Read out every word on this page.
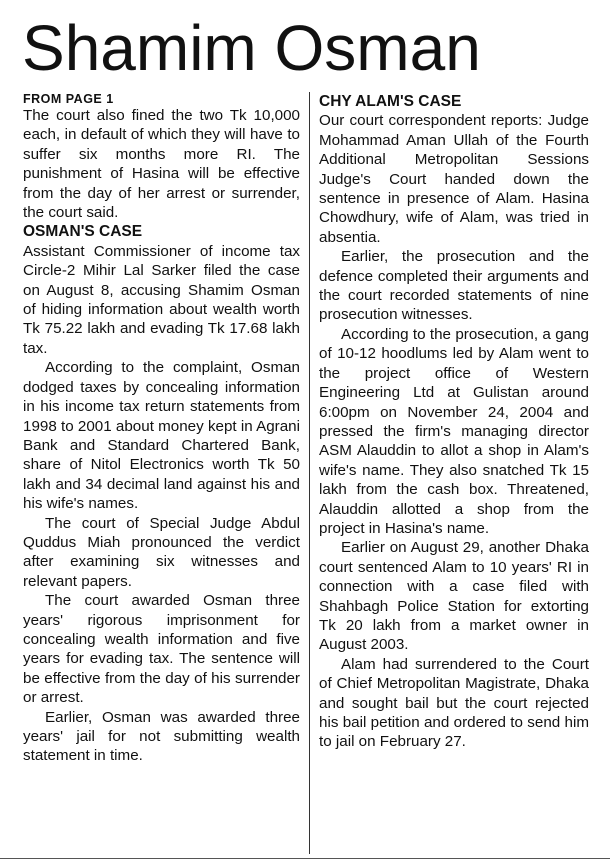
Shamim Osman

FROM PAGE 1

The court also fined the two Tk 10,000 each, in default of which they will have to suffer six months more RI. The punishment of Hasina will be effective from the day of her arrest or surrender, the court said.

OSMAN'S CASE

Assistant Commissioner of income tax Circle-2 Mihir Lal Sarker filed the case on August 8, accusing Shamim Osman of hiding information about wealth worth Tk 75.22 lakh and evading Tk 17.68 lakh tax.

According to the complaint, Osman dodged taxes by concealing information in his income tax return statements from 1998 to 2001 about money kept in Agrani Bank and Standard Chartered Bank, share of Nitol Electronics worth Tk 50 lakh and 34 decimal land against his and his wife's names.

The court of Special Judge Abdul Quddus Miah pronounced the verdict after examining six witnesses and relevant papers.

The court awarded Osman three years' rigorous imprisonment for concealing wealth information and five years for evading tax. The sentence will be effective from the day of his surrender or arrest.

Earlier, Osman was awarded three years' jail for not submitting wealth statement in time.

CHY ALAM'S CASE

Our court correspondent reports: Judge Mohammad Aman Ullah of the Fourth Additional Metropolitan Sessions Judge's Court handed down the sentence in presence of Alam. Hasina Chowdhury, wife of Alam, was tried in absentia.

Earlier, the prosecution and the defence completed their arguments and the court recorded statements of nine prosecution witnesses.

According to the prosecution, a gang of 10-12 hoodlums led by Alam went to the project office of Western Engineering Ltd at Gulistan around 6:00pm on November 24, 2004 and pressed the firm's managing director ASM Alauddin to allot a shop in Alam's wife's name. They also snatched Tk 15 lakh from the cash box. Threatened, Alauddin allotted a shop from the project in Hasina's name.

Earlier on August 29, another Dhaka court sentenced Alam to 10 years' RI in connection with a case filed with Shahbagh Police Station for extorting Tk 20 lakh from a market owner in August 2003.

Alam had surrendered to the Court of Chief Metropolitan Magistrate, Dhaka and sought bail but the court rejected his bail petition and ordered to send him to jail on February 27.
